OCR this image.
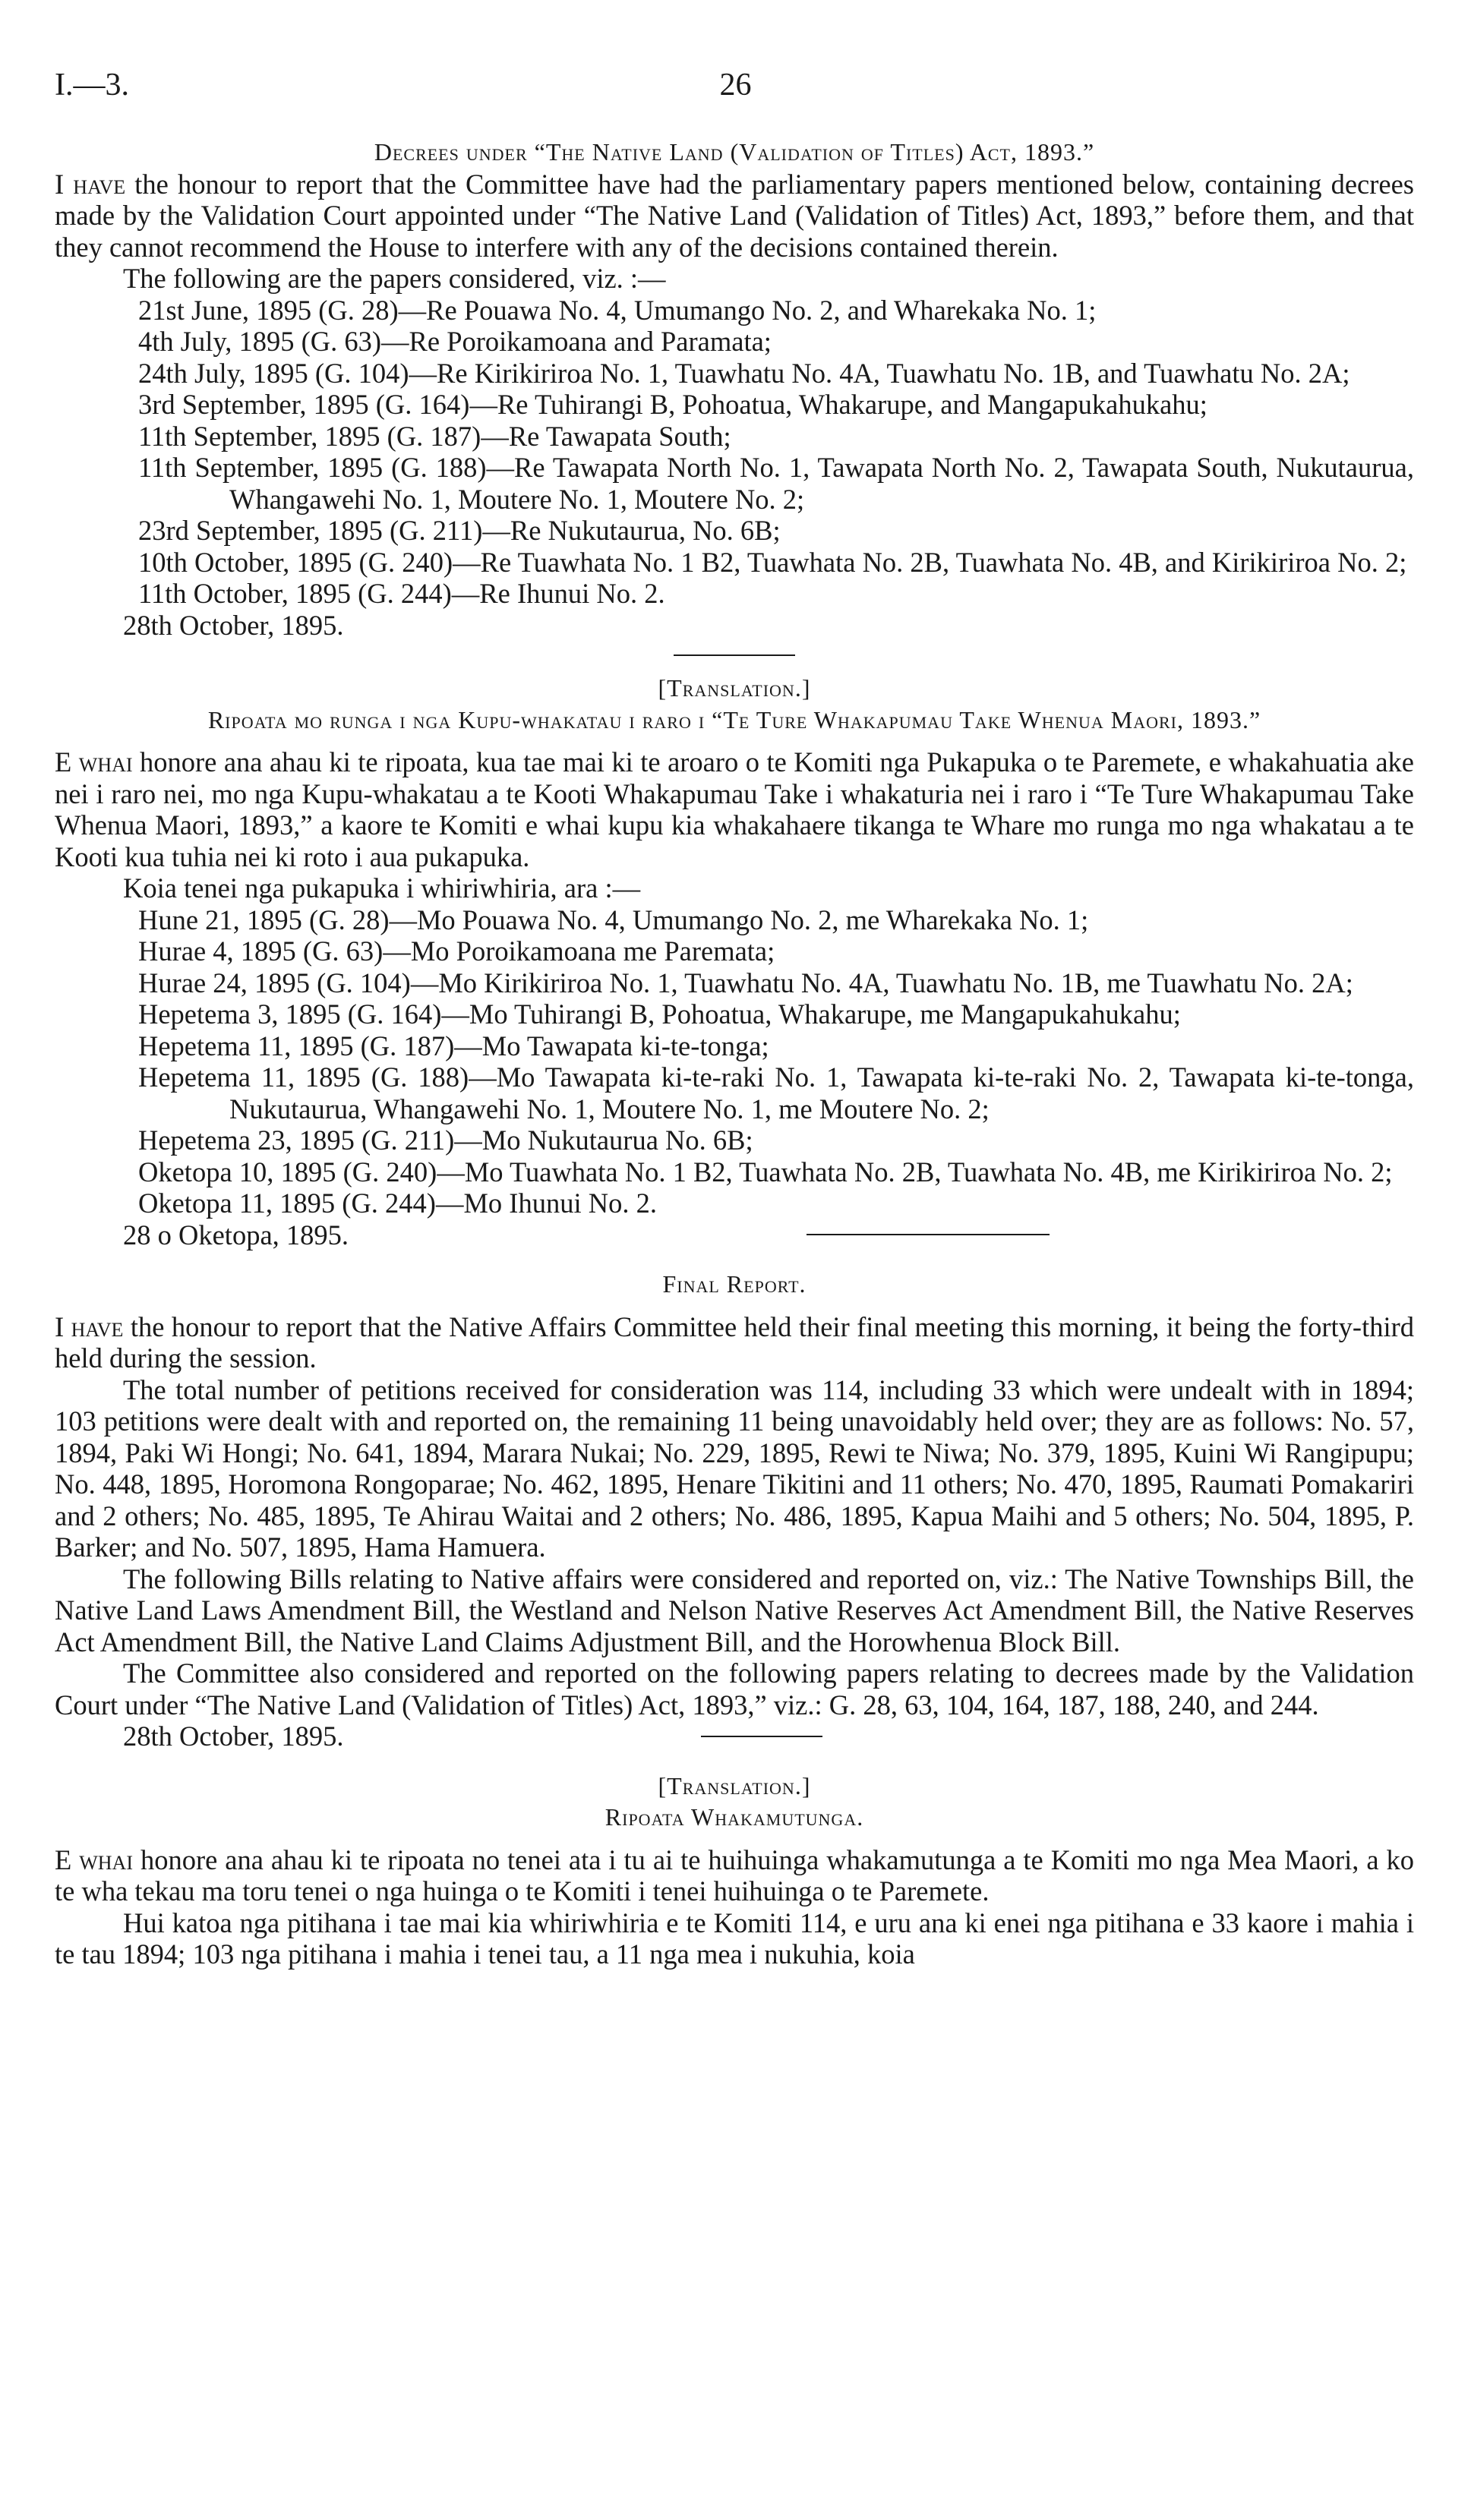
I.—3.	26

Decrees under “The Native Land (Validation of Titles) Act, 1893.”

I have the honour to report that the Committee have had the parliamentary papers mentioned below, containing decrees made by the Validation Court appointed under “The Native Land (Validation of Titles) Act, 1893,” before them, and that they cannot recommend the House to interfere with any of the decisions contained therein.

The following are the papers considered, viz. :—

21st June, 1895 (G. 28)—Re Pouawa No. 4, Umumango No. 2, and Wharekaka No. 1;
4th July, 1895 (G. 63)—Re Poroikamoana and Paramata;
24th July, 1895 (G. 104)—Re Kirikiriroa No. 1, Tuawhatu No. 4A, Tuawhatu No. 1B, and Tuawhatu No. 2A;
3rd September, 1895 (G. 164)—Re Tuhirangi B, Pohoatua, Whakarupe, and Mangapukahukahu;
11th September, 1895 (G. 187)—Re Tawapata South;
11th September, 1895 (G. 188)—Re Tawapata North No. 1, Tawapata North No. 2, Tawapata South, Nukutaurua, Whangawehi No. 1, Moutere No. 1, Moutere No. 2;
23rd September, 1895 (G. 211)—Re Nukutaurua, No. 6B;
10th October, 1895 (G. 240)—Re Tuawhata No. 1 B2, Tuawhata No. 2B, Tuawhata No. 4B, and Kirikiriroa No. 2;
11th October, 1895 (G. 244)—Re Ihunui No. 2.

28th October, 1895.

[Translation.]

Ripoata mo runga i nga Kupu-whakatau i raro i “Te Ture Whakapumau Take Whenua Maori, 1893.”

E whai honore ana ahau ki te ripoata, kua tae mai ki te aroaro o te Komiti nga Pukapuka o te Paremete, e whakahuatia ake nei i raro nei, mo nga Kupu-whakatau a te Kooti Whakapumau Take i whakaturia nei i raro i “Te Ture Whakapumau Take Whenua Maori, 1893,” a kaore te Komiti e whai kupu kia whakahaere tikanga te Whare mo runga mo nga whakatau a te Kooti kua tuhia nei ki roto i aua pukapuka.

Koia tenei nga pukapuka i whiriwhiria, ara :—

Hune 21, 1895 (G. 28)—Mo Pouawa No. 4, Umumango No. 2, me Wharekaka No. 1;
Hurae 4, 1895 (G. 63)—Mo Poroikamoana me Paremata;
Hurae 24, 1895 (G. 104)—Mo Kirikiriroa No. 1, Tuawhatu No. 4A, Tuawhatu No. 1B, me Tuawhatu No. 2A;
Hepetema 3, 1895 (G. 164)—Mo Tuhirangi B, Pohoatua, Whakarupe, me Mangapukahukahu;
Hepetema 11, 1895 (G. 187)—Mo Tawapata ki-te-tonga;
Hepetema 11, 1895 (G. 188)—Mo Tawapata ki-te-raki No. 1, Tawapata ki-te-raki No. 2, Tawapata ki-te-tonga, Nukutaurua, Whangawehi No. 1, Moutere No. 1, me Moutere No. 2;
Hepetema 23, 1895 (G. 211)—Mo Nukutaurua No. 6B;
Oketopa 10, 1895 (G. 240)—Mo Tuawhata No. 1 B2, Tuawhata No. 2B, Tuawhata No. 4B, me Kirikiriroa No. 2;
Oketopa 11, 1895 (G. 244)—Mo Ihunui No. 2.
28 o Oketopa, 1895.

Final Report.

I have the honour to report that the Native Affairs Committee held their final meeting this morning, it being the forty-third held during the session.

The total number of petitions received for consideration was 114, including 33 which were undealt with in 1894; 103 petitions were dealt with and reported on, the remaining 11 being unavoidably held over; they are as follows: No. 57, 1894, Paki Wi Hongi; No. 641, 1894, Marara Nukai; No. 229, 1895, Rewi te Niwa; No. 379, 1895, Kuini Wi Rangipupu; No. 448, 1895, Horomona Rongoparae; No. 462, 1895, Henare Tikitini and 11 others; No. 470, 1895, Raumati Pomakariri and 2 others; No. 485, 1895, Te Ahirau Waitai and 2 others; No. 486, 1895, Kapua Maihi and 5 others; No. 504, 1895, P. Barker; and No. 507, 1895, Hama Hamuera.

The following Bills relating to Native affairs were considered and reported on, viz.: The Native Townships Bill, the Native Land Laws Amendment Bill, the Westland and Nelson Native Reserves Act Amendment Bill, the Native Reserves Act Amendment Bill, the Native Land Claims Adjustment Bill, and the Horowhenua Block Bill.

The Committee also considered and reported on the following papers relating to decrees made by the Validation Court under “The Native Land (Validation of Titles) Act, 1893,” viz.: G. 28, 63, 104, 164, 187, 188, 240, and 244.

28th October, 1895.

[Translation.]

Ripoata Whakamutunga.

E whai honore ana ahau ki te ripoata no tenei ata i tu ai te huihuinga whakamutunga a te Komiti mo nga Mea Maori, a ko te wha tekau ma toru tenei o nga huinga o te Komiti i tenei huihuinga o te Paremete.

Hui katoa nga pitihana i tae mai kia whiriwhiria e te Komiti 114, e uru ana ki enei nga pitihana e 33 kaore i mahia i te tau 1894; 103 nga pitihana i mahia i tenei tau, a 11 nga mea i nukuhia, koia
